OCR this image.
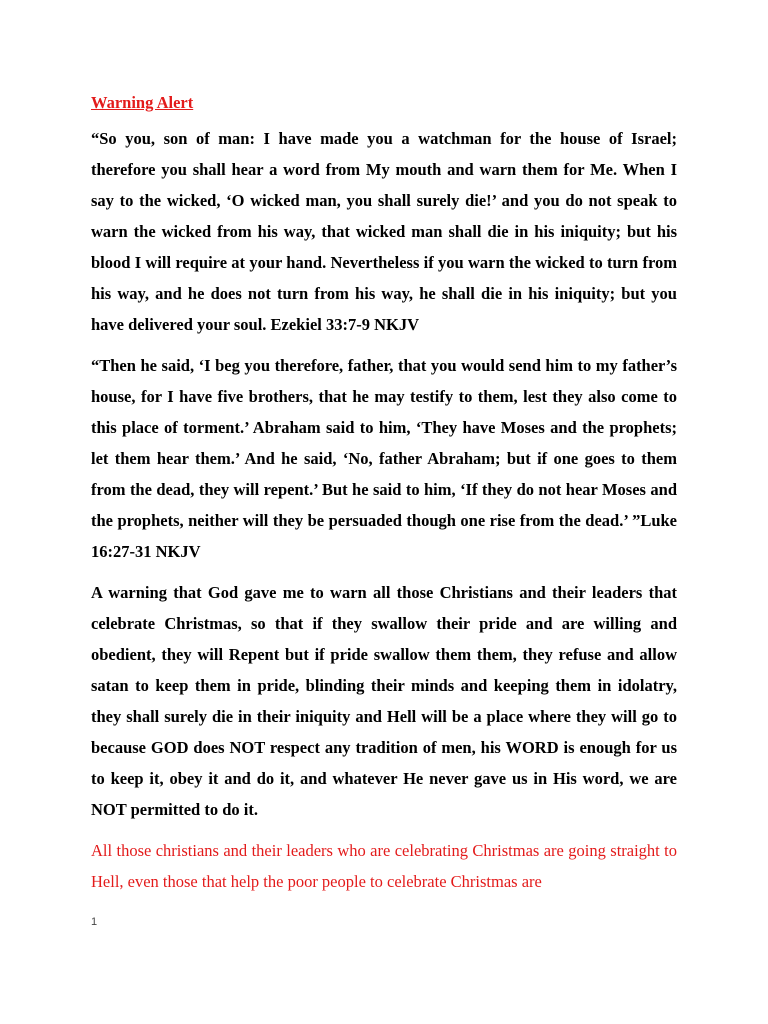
Warning Alert

“So you, son of man: I have made you a watchman for the house of Israel; therefore you shall hear a word from My mouth and warn them for Me. When I say to the wicked, ‘O wicked man, you shall surely die!’ and you do not speak to warn the wicked from his way, that wicked man shall die in his iniquity; but his blood I will require at your hand. Nevertheless if you warn the wicked to turn from his way, and he does not turn from his way, he shall die in his iniquity; but you have delivered your soul. Ezekiel 33:7-9 NKJV

“Then he said, ‘I beg you therefore, father, that you would send him to my father’s house, for I have five brothers, that he may testify to them, lest they also come to this place of torment.’ Abraham said to him, ‘They have Moses and the prophets; let them hear them.’ And he said, ‘No, father Abraham; but if one goes to them from the dead, they will repent.’ But he said to him, ‘If they do not hear Moses and the prophets, neither will they be persuaded though one rise from the dead.’ ”Luke 16:27-31 NKJV

A warning that God gave me to warn all those Christians and their leaders that celebrate Christmas, so that if they swallow their pride and are willing and obedient, they will Repent but if pride swallow them them, they refuse and allow satan to keep them in pride, blinding their minds and keeping them in idolatry, they shall surely die in their iniquity and Hell will be a place where they will go to because GOD does NOT respect any tradition of men, his WORD is enough for us to keep it, obey it and do it, and whatever He never gave us in His word, we are NOT permitted to do it.

All those christians and their leaders who are celebrating Christmas are going straight to Hell, even those that help the poor people to celebrate Christmas are

1
